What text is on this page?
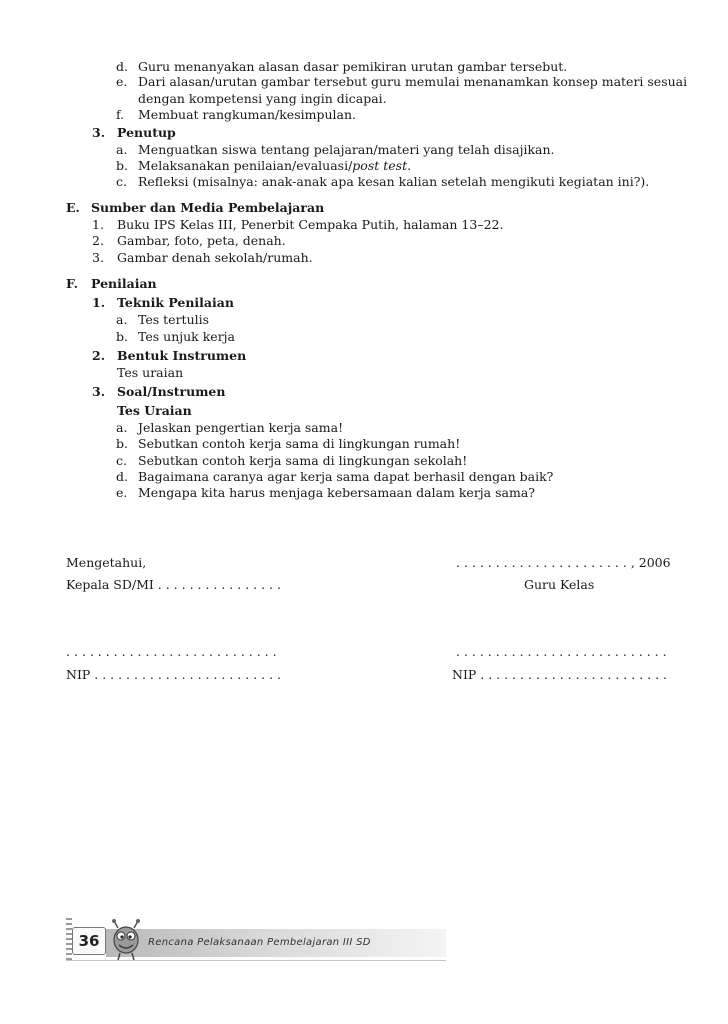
d. Guru menanyakan alasan dasar pemikiran urutan gambar tersebut.
e. Dari alasan/urutan gambar tersebut guru memulai menanamkan konsep materi sesuai
dengan kompetensi yang ingin dicapai.
f. Membuat rangkuman/kesimpulan.
3. Penutup
a. Menguatkan siswa tentang pelajaran/materi yang telah disajikan.
b. Melaksanakan penilaian/evaluasi/post test.
c. Refleksi (misalnya: anak-anak apa kesan kalian setelah mengikuti kegiatan ini?).
E. Sumber dan Media Pembelajaran
1. Buku IPS Kelas III, Penerbit Cempaka Putih, halaman 13–22.
2. Gambar, foto, peta, denah.
3. Gambar denah sekolah/rumah.
F. Penilaian
1. Teknik Penilaian
a. Tes tertulis
b. Tes unjuk kerja
2. Bentuk Instrumen
Tes uraian
3. Soal/Instrumen
Tes Uraian
a. Jelaskan pengertian kerja sama!
b. Sebutkan contoh kerja sama di lingkungan rumah!
c. Sebutkan contoh kerja sama di lingkungan sekolah!
d. Bagaimana caranya agar kerja sama dapat berhasil dengan baik?
e. Mengapa kita harus menjaga kebersamaan dalam kerja sama?
Mengetahui,	. . . . . . . . . . . . . . . . . . . . . . , 2006
Kepala SD/MI . . . . . . . . . . . . . . . .	Guru Kelas
. . . . . . . . . . . . . . . . . . . . . . . . . . .	. . . . . . . . . . . . . . . . . . . . . . . . . . .
NIP . . . . . . . . . . . . . . . . . . . . . . . .	NIP . . . . . . . . . . . . . . . . . . . . . . . .
36	Rencana Pelaksanaan Pembelajaran III SD
